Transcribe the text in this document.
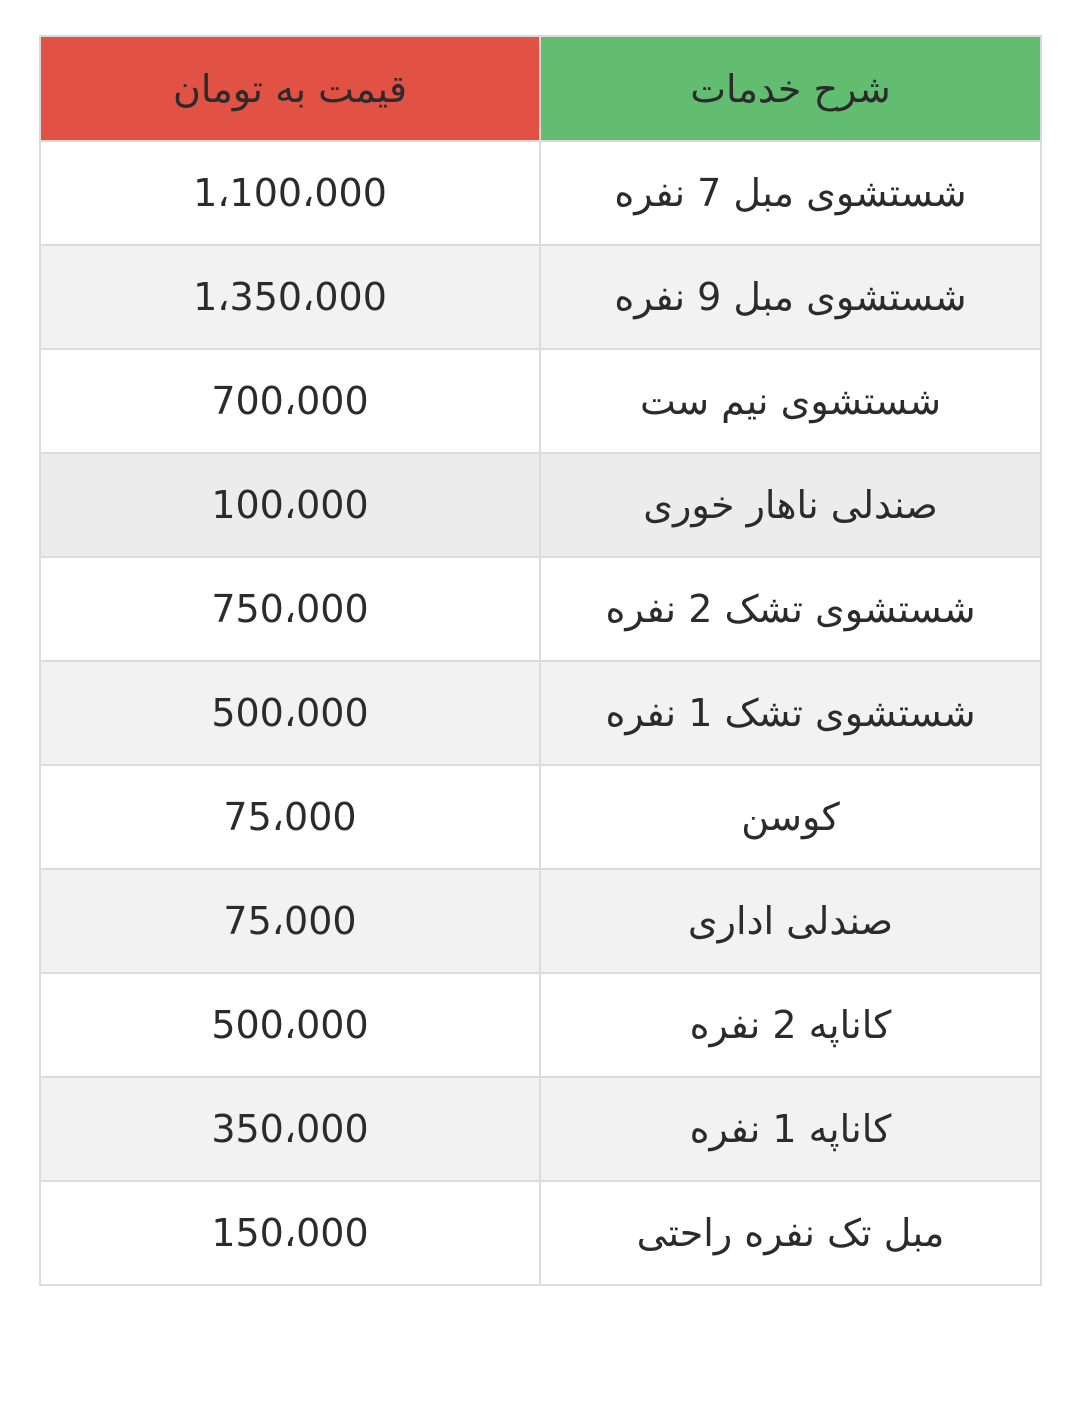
شرح خدمات	قیمت به تومان
شستشوی مبل 7 نفره	1،100،000
شستشوی مبل 9 نفره	1،350،000
شستشوی نیم ست	700،000
صندلی ناهار خوری	100،000
شستشوی تشک 2 نفره	750،000
شستشوی تشک 1 نفره	500،000
کوسن	75،000
صندلی اداری	75،000
کاناپه 2 نفره	500،000
کاناپه 1 نفره	350،000
مبل تک نفره راحتی	150،000
